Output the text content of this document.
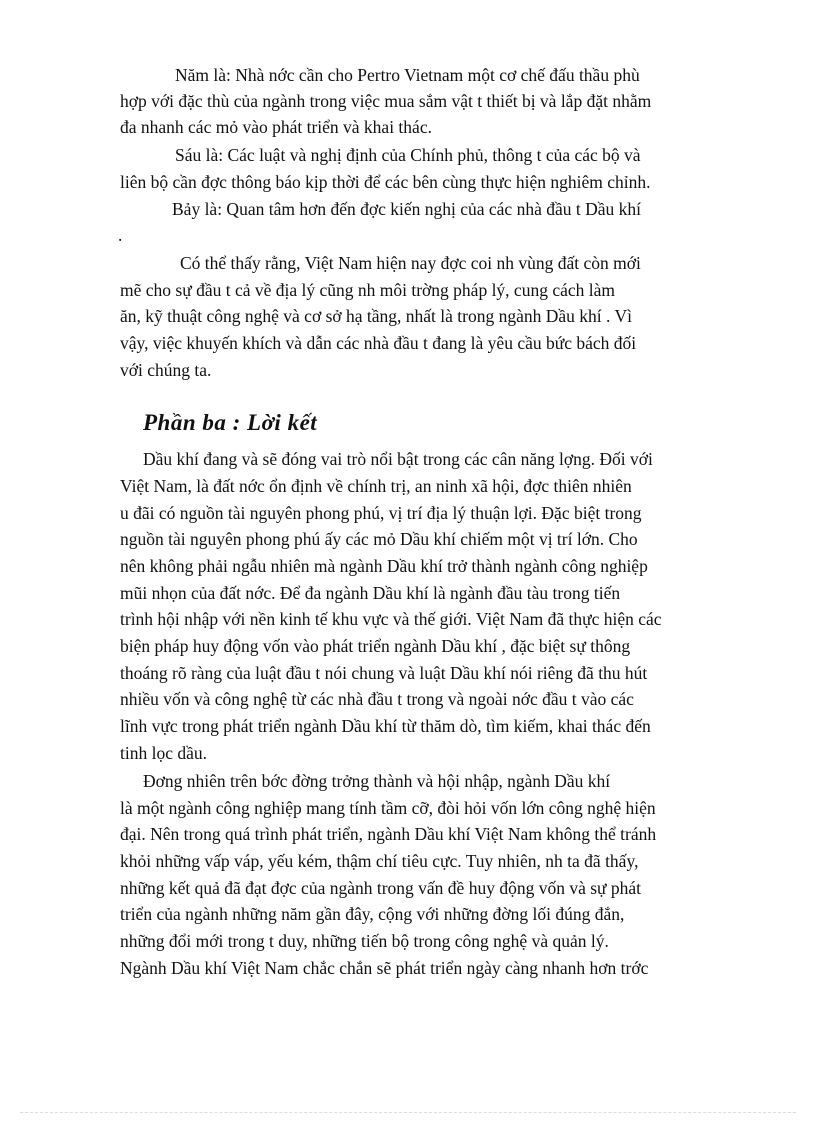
Năm là: Nhà nớc cần cho Pertro Vietnam một cơ chế đấu thầu phù
hợp với đặc thù của ngành trong việc mua sắm vật t thiết bị và lắp đặt nhằm
đa nhanh các mỏ vào phát triển và khai thác.
Sáu là: Các luật và nghị định của Chính phủ, thông t của các bộ và
liên bộ cần đợc thông báo kịp thời để các bên cùng thực hiện nghiêm chỉnh.
Bảy là: Quan tâm hơn đến đợc kiến nghị của các nhà đầu t Dầu khí
.
Có thể thấy rằng, Việt Nam hiện nay đợc coi nh vùng đất còn mới
mẽ cho sự đầu t cả về địa lý cũng nh môi trờng pháp lý, cung cách làm
ăn, kỹ thuật công nghệ và cơ sở hạ tầng, nhất là trong ngành Dầu khí . Vì
vậy, việc khuyến khích và dẫn các nhà đầu t đang là yêu cầu bức bách đối
với chúng ta.
Phần ba : Lời kết
Dầu khí đang và sẽ đóng vai trò nổi bật trong các cân năng lợng. Đối với
Việt Nam, là đất nớc ổn định về chính trị, an ninh xã hội, đợc thiên nhiên
u đãi có nguồn tài nguyên phong phú, vị trí địa lý thuận lợi. Đặc biệt trong
nguồn tài nguyên phong phú ấy các mỏ Dầu khí chiếm một vị trí lớn. Cho
nên không phải ngẫu nhiên mà ngành Dầu khí trở thành ngành công nghiệp
mũi nhọn của đất nớc. Để đa ngành Dầu khí là ngành đầu tàu trong tiến
trình hội nhập với nền kinh tế khu vực và thế giới. Việt Nam đã thực hiện các
biện pháp huy động vốn vào phát triển ngành Dầu khí , đặc biệt sự thông
thoáng rõ ràng của luật đầu t nói chung và luật Dầu khí nói riêng đã thu hút
nhiều vốn và công nghệ từ các nhà đầu t trong và ngoài nớc đầu t vào các
lĩnh vực trong phát triển ngành Dầu khí từ thăm dò, tìm kiếm, khai thác đến
tinh lọc dầu.
Đơng nhiên trên bớc đờng trởng thành và hội nhập, ngành Dầu khí
là một ngành công nghiệp mang tính tầm cỡ, đòi hỏi vốn lớn công nghệ hiện
đại. Nên trong quá trình phát triển, ngành Dầu khí Việt Nam không thể tránh
khỏi những vấp váp, yếu kém, thậm chí tiêu cực. Tuy nhiên, nh ta đã thấy,
những kết quả đã đạt đợc của ngành trong vấn đề huy động vốn và sự phát
triển của ngành những năm gần đây, cộng với những đờng lối đúng đắn,
những đổi mới trong t duy, những tiến bộ trong công nghệ và quản lý.
Ngành Dầu khí Việt Nam chắc chắn sẽ phát triển ngày càng nhanh hơn trớc
